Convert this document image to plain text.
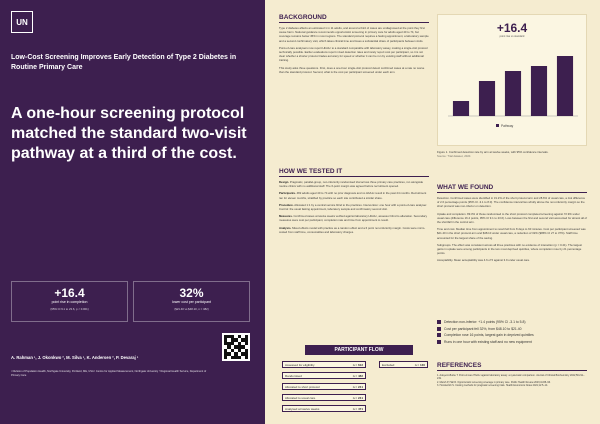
UN
Low-Cost Screening Improves Early Detection of Type 2 Diabetes in Routine Primary Care
A one-hour screening protocol matched the standard two-visit pathway at a third of the cost.
+16.4
point rise in completion
(95% CI 9.1 to 23.6, p < 0.001)
32%
lower cost per participant
($21.40 vs $48.10, n = 482)
A. Rahman ¹, J. Okonkwo ², M. Silva ¹, K. Andersen ², P. Devaraj ¹
¹ Division of Population Health, Northgate University, Portland, ME, USA ² Centre for Applied Measurement, Northgate University ³ Regional Health Service, Department of Primary Care
BACKGROUND

Type 2 diabetes affects an estimated 1 in 11 adults, and around a third of cases are undiagnosed at the point they first cause harm. National guidance recommends opportunistic screening in primary care for adults aged 40 to 74, but coverage remains below 45% in most regions. The standard protocol requires a fasting appointment, a laboratory sample and a second confirmatory visit, which takes clinical time and loses a substantial share of participants between visits.

Point-of-care analysers now report HbA1c to a standard comparable with laboratory assay, making a single-visit protocol technically possible. Earlier evaluations report mixed detection rates and rarely report cost per participant, so it is not clear whether a shorter protocol trades accuracy for speed or whether it can be run by existing staff without additional training.

This study asks three questions. First, does a one-hour single-visit protocol detect confirmed cases at a rate no worse than the standard protocol. Second, what is the cost per participant screened under each arm.

HOW WE TESTED IT

Design. Pragmatic, parallel-group, non-inferiority randomised trial across three primary care practices, run alongside routine clinics with no additional staff. The 6-point margin was agreed before recruitment opened.

Participants. 482 adults aged 40 to 74 with no prior diagnosis and no HbA1c result in the past 24 months. Recruitment ran for eleven months, stratified by practice so each site contributed a similar share.

Procedure. Allocated 1:1 by a central service blind to the practices. Intervention: one hour with a point-of-care analyser. Control: the usual fasting appointment, laboratory sample and confirmatory second visit.

Measures. Confirmed cases at twelve weeks verified against laboratory HbA1c, assessor blind to allocation. Secondary measures were cost per participant, completion rate and time from appointment to result.

Analysis. Mixed effects model with practice as a random effect and a 6 point non-inferiority margin. Costs were micro-costed from staff time, consumables and laboratory charges.

PARTICIPANT FLOW
Assessed for eligibility	n = 612	Excluded	n = 130
Randomised	n = 482
Allocated to short protocol	n = 241
Allocated to usual care	n = 241
Analysed at twelve weeks	n = 471
+16.4
point rise vs standard
Pathway

Figure 1. Confirmed detection rate by arm at twelve weeks, with 95% confidence intervals.

Source: Trial dataset, 2024

WHAT WE FOUND

Detection. Confirmed cases were identified in 31.2% of the short protocol arm and 28.6% of usual care, a risk difference of 2.6 percentage points (95% CI -3.1 to 8.0). The confidence interval lies wholly above the non-inferiority margin so the short protocol was non-inferior on detection.

Uptake and completion. 89.3% of those randomised to the short protocol completed screening against 72.9% under usual care (difference 16.4 points, 95% CI 9.1 to 23.6). Loss between the first and second visit accounted for almost all of the shortfall in the control arm.

Time and cost. Median time from appointment to result fell from 8 days to 60 minutes. Cost per participant screened was $21.40 in the short protocol arm and $48.10 under usual care, a reduction of 32% ($95% CI 27 to 37%). Staff time accounted for the largest share of the saving.

Subgroups. The effect was consistent across all three practices with no evidence of interaction (p = 0.41). The largest gains in uptake were among participants in the two most deprived quintiles, where completion rose by 21 percentage points.

Acceptability. Mean acceptability was 4.6 of 5 against 3.9 under usual care.

Detection non-inferior: +1.4 points (95% CI -3.1 to 5.8)
Cost per participant fell 32%, from $48.10 to $21.40
Completion rose 16 points, largest gain in deprived quintiles
Runs in one hour with existing staff and no new equipment
REFERENCES

1. Adeyemi-Burke T. Point-of-care HbA1c against laboratory assay: a systematic comparison. Journal of Clinical Biochemistry 2022;59:211–219.

2. Marsh P, Hall R. Opportunistic screening coverage in primary care. Public Health Review 2023;41:88–96.

3. Honda-Kirk S. Costing methods for pragmatic screening trials. Health Economics Notes 2021;12:5–14.
